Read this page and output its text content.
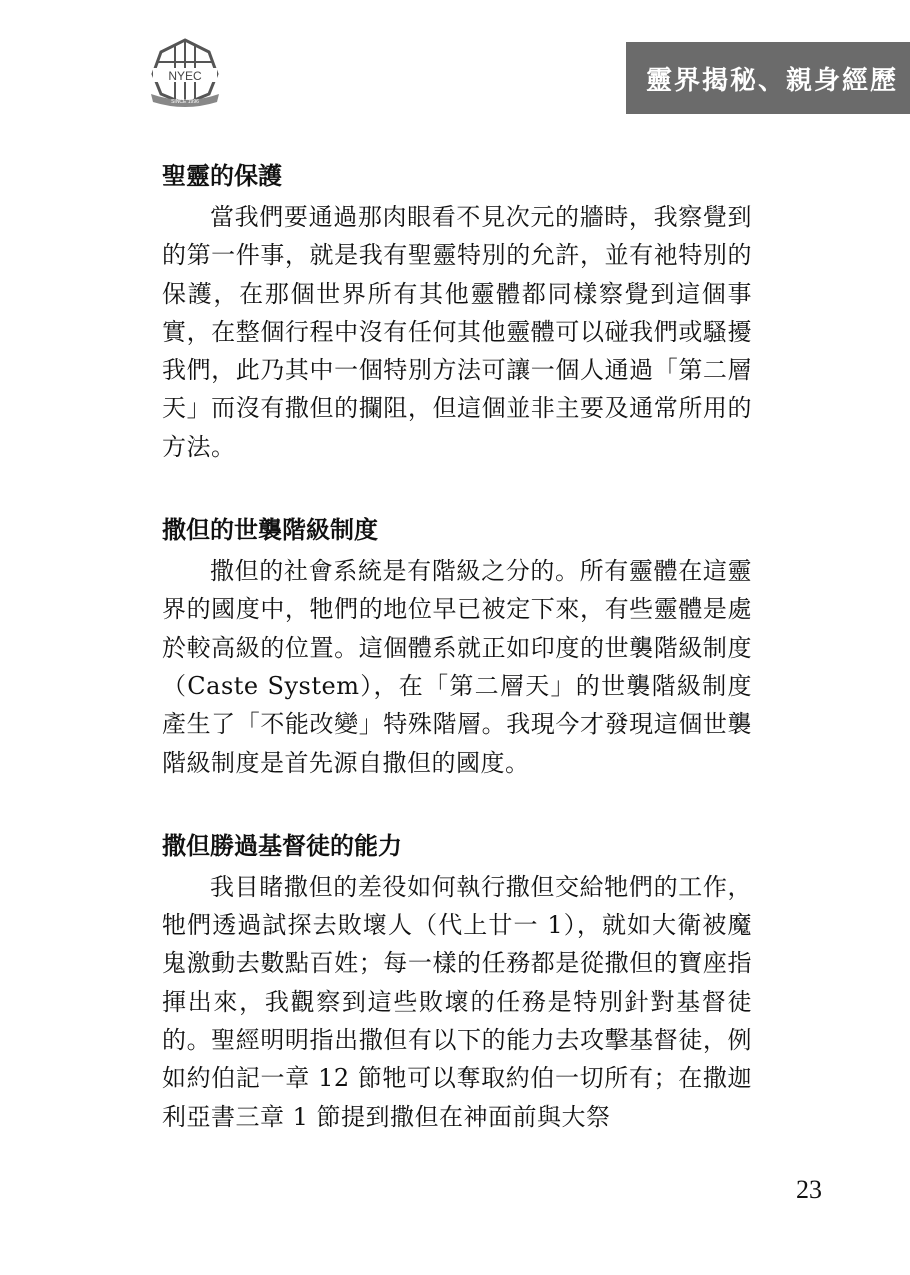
NYEC
SINCE 1996
靈界揭秘、親身經歷
聖靈的保護

當我們要通過那肉眼看不見次元的牆時，我察覺到的第一件事，就是我有聖靈特別的允許，並有祂特別的保護，在那個世界所有其他靈體都同樣察覺到這個事實，在整個行程中沒有任何其他靈體可以碰我們或騷擾我們，此乃其中一個特別方法可讓一個人通過「第二層天」而沒有撒但的攔阻，但這個並非主要及通常所用的方法。

撒但的世襲階級制度

撒但的社會系統是有階級之分的。所有靈體在這靈界的國度中，牠們的地位早已被定下來，有些靈體是處於較高級的位置。這個體系就正如印度的世襲階級制度（Caste System），在「第二層天」的世襲階級制度產生了「不能改變」特殊階層。我現今才發現這個世襲階級制度是首先源自撒但的國度。

撒但勝過基督徒的能力

我目睹撒但的差役如何執行撒但交給牠們的工作，牠們透過試探去敗壞人（代上廿一 1），就如大衛被魔鬼激動去數點百姓；每一樣的任務都是從撒但的寶座指揮出來，我觀察到這些敗壞的任務是特別針對基督徒的。聖經明明指出撒但有以下的能力去攻擊基督徒，例如約伯記一章 12 節牠可以奪取約伯一切所有；在撒迦利亞書三章 1 節提到撒但在神面前與大祭

23
